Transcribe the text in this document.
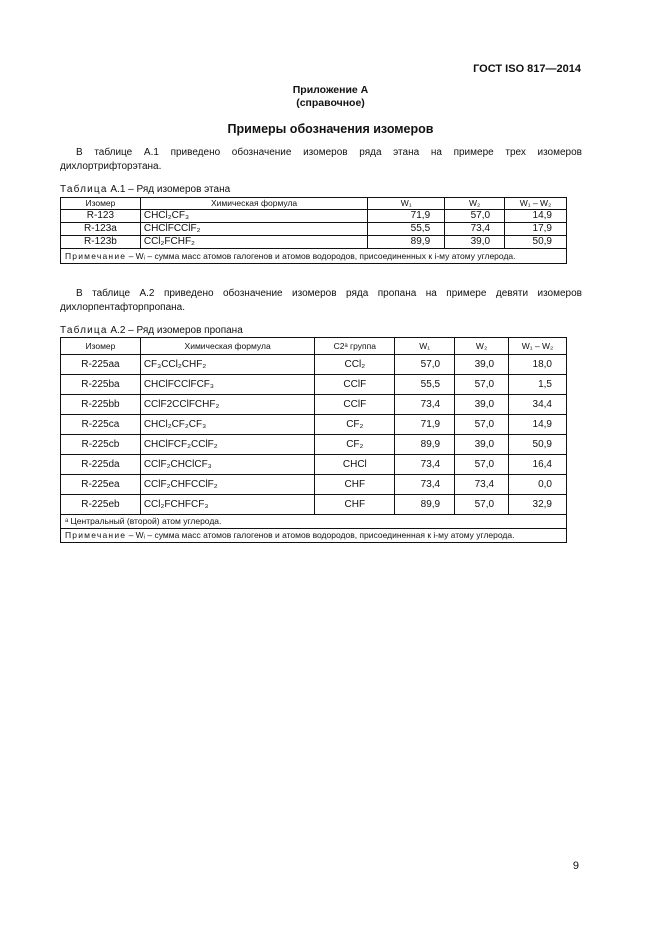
ГОСТ ISO 817—2014
Приложение А
(справочное)
Примеры обозначения изомеров
В таблице А.1 приведено обозначение изомеров ряда этана на примере трех изомеров дихлортрифторэтана.
Таблица А.1 – Ряд изомеров этана
Изомер	Химическая формула	W₁	W₂	W₁ – W₂
R-123	CHCl₂CF₃	71,9	57,0	14,9
R-123a	CHClFCClF₂	55,5	73,4	17,9
R-123b	CCl₂FCHF₂	89,9	39,0	50,9
Примечание – Wᵢ – сумма масс атомов галогенов и атомов водородов, присоединенных к i-му атому углерода.				
В таблице А.2 приведено обозначение изомеров ряда пропана на примере девяти изомеров дихлорпентафторпропана.
Таблица А.2 – Ряд изомеров пропана
Изомер	Химическая формула	C2ᵃ группа	W₁	W₂	W₁ – W₂
R-225aa	CF₃CCl₂CHF₂	CCl₂	57,0	39,0	18,0
R-225ba	CHClFCClFCF₃	CClF	55,5	57,0	1,5
R-225bb	CClF2CClFCHF₂	CClF	73,4	39,0	34,4
R-225ca	CHCl₂CF₂CF₃	CF₂	71,9	57,0	14,9
R-225cb	CHClFCF₂CClF₂	CF₂	89,9	39,0	50,9
R-225da	CClF₂CHClCF₃	CHCl	73,4	57,0	16,4
R-225ea	CClF₂CHFCClF₂	CHF	73,4	73,4	0,0
R-225eb	CCl₂FCHFCF₃	CHF	89,9	57,0	32,9
ᵃ Центральный (второй) атом углерода.					
Примечание – Wᵢ – сумма масс атомов галогенов и атомов водородов, присоединенная к i-му атому углерода.					
9
